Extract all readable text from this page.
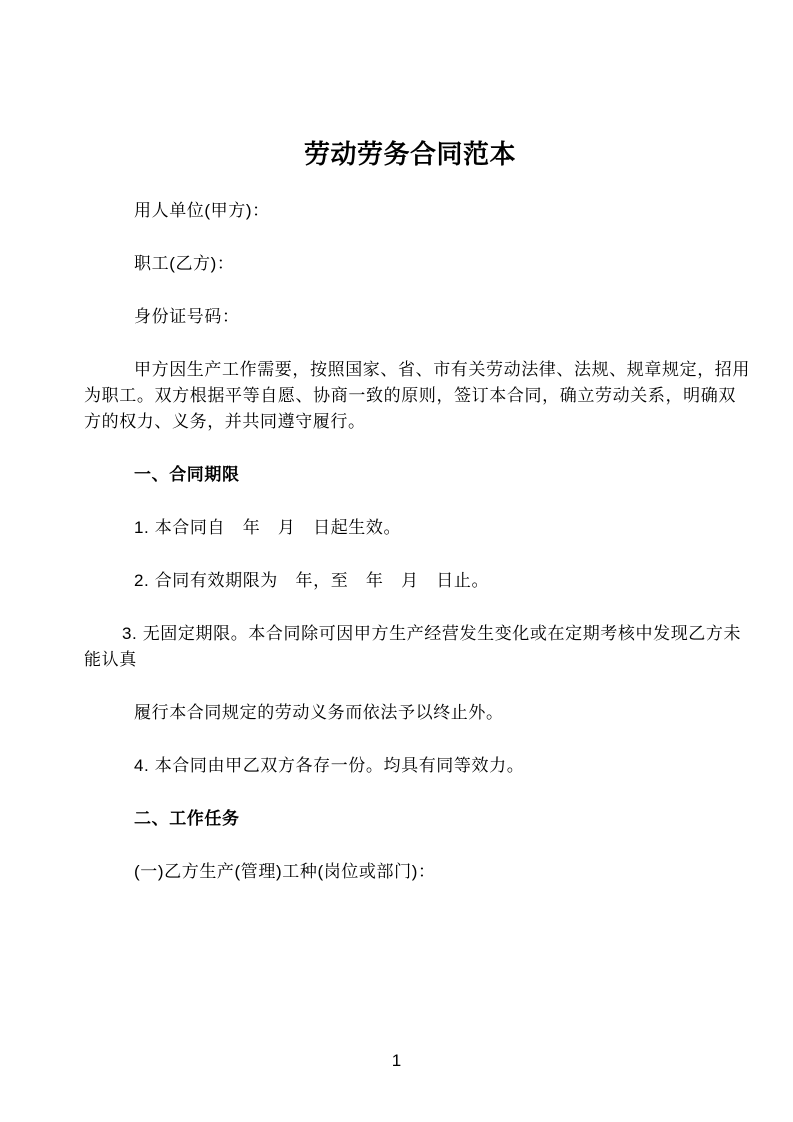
劳动劳务合同范本
用人单位(甲方)：
职工(乙方)：
身份证号码：
甲方因生产工作需要，按照国家、省、市有关劳动法律、法规、规章规定，招用
为职工。双方根据平等自愿、协商一致的原则，签订本合同，确立劳动关系，明确双
方的权力、义务，并共同遵守履行。
一、合同期限
1. 本合同自　年　月　日起生效。
2. 合同有效期限为　年，至　年　月　日止。
3. 无固定期限。本合同除可因甲方生产经营发生变化或在定期考核中发现乙方未
能认真
履行本合同规定的劳动义务而依法予以终止外。
4. 本合同由甲乙双方各存一份。均具有同等效力。
二、工作任务
(一)乙方生产(管理)工种(岗位或部门)：
1
